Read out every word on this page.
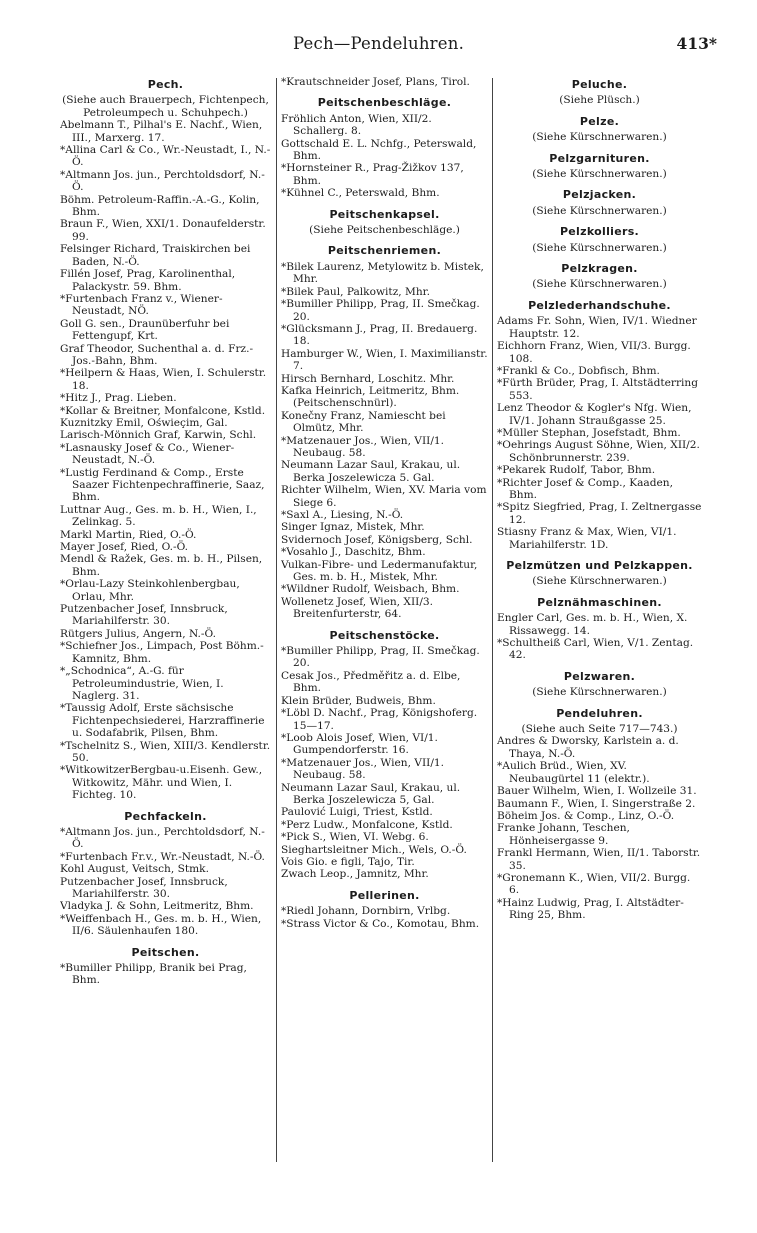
Pech—Pendeluhren.	413*
Pech.
(Siehe auch Brauerpech, Fichtenpech, Petroleumpech u. Schuhpech.)
Abelmann T., Pilhal's E. Nachf., Wien, III., Marxerg. 17.
*Allina Carl & Co., Wr.-Neustadt, I., N.-Ö.
*Altmann Jos. jun., Perchtoldsdorf, N.-Ö.
Böhm. Petroleum-Raffin.-A.-G., Kolin, Bhm.
Braun F., Wien, XXI/1. Donaufelderstr. 99.
Felsinger Richard, Traiskirchen bei Baden, N.-Ö.
Fillén Josef, Prag, Karolinenthal, Palackystr. 59. Bhm.
*Furtenbach Franz v., Wiener-Neustadt, NÖ.
Goll G. sen., Draunüberfuhr bei Fettengupf, Krt.
Graf Theodor, Suchenthal a. d. Frz.-Jos.-Bahn, Bhm.
*Heilpern & Haas, Wien, I. Schulerstr. 18.
*Hitz J., Prag. Lieben.
*Kollar & Breitner, Monfalcone, Kstld.
Kuznitzky Emil, Oświeçim, Gal.
Larisch-Mönnich Graf, Karwin, Schl.
*Lasnausky Josef & Co., Wiener-Neustadt, N.-Ö.
*Lustig Ferdinand & Comp., Erste Saazer Fichtenpechraffinerie, Saaz, Bhm.
Luttnar Aug., Ges. m. b. H., Wien, I., Zelinkag. 5.
Markl Martin, Ried, O.-Ö.
Mayer Josef, Ried, O.-Ö.
Mendl & Ražek, Ges. m. b. H., Pilsen, Bhm.
*Orlau-Lazy Steinkohlenbergbau, Orlau, Mhr.
Putzenbacher Josef, Innsbruck, Mariahilferstr. 30.
Rütgers Julius, Angern, N.-Ö.
*Schiefner Jos., Limpach, Post Böhm.-Kamnitz, Bhm.
*„Schodnica“, A.-G. für Petroleumindustrie, Wien, I. Naglerg. 31.
*Taussig Adolf, Erste sächsische Fichtenpechsiederei, Harzraffinerie u. Sodafabrik, Pilsen, Bhm.
*Tschelnitz S., Wien, XIII/3. Kendlerstr. 50.
*WitkowitzerBergbau-u.Eisenh. Gew., Witkowitz, Mähr. und Wien, I. Fichteg. 10.
Pechfackeln.
*Altmann Jos. jun., Perchtoldsdorf, N.-Ö.
*Furtenbach Fr.v., Wr.-Neustadt, N.-Ö.
Kohl August, Veitsch, Stmk.
Putzenbacher Josef, Innsbruck, Mariahilferstr. 30.
Vladyka J. & Sohn, Leitmeritz, Bhm.
*Weiffenbach H., Ges. m. b. H., Wien, II/6. Säulenhaufen 180.
Peitschen.
*Bumiller Philipp, Branik bei Prag, Bhm.
*Krautschneider Josef, Plans, Tirol.
Peitschenbeschläge.
Fröhlich Anton, Wien, XII/2. Schallerg. 8.
Gottschald E. L. Nchfg., Peterswald, Bhm.
*Hornsteiner R., Prag-Žižkov 137, Bhm.
*Kühnel C., Peterswald, Bhm.
Peitschenkapsel.
(Siehe Peitschenbeschläge.)
Peitschenriemen.
*Bilek Laurenz, Metylowitz b. Mistek, Mhr.
*Bilek Paul, Palkowitz, Mhr.
*Bumiller Philipp, Prag, II. Smečkag. 20.
*Glücksmann J., Prag, II. Bredauerg. 18.
Hamburger W., Wien, I. Maximilianstr. 7.
Hirsch Bernhard, Loschitz. Mhr.
Kafka Heinrich, Leitmeritz, Bhm. (Peitschenschnürl).
Konečny Franz, Namiescht bei Olmütz, Mhr.
*Matzenauer Jos., Wien, VII/1. Neubaug. 58.
Neumann Lazar Saul, Krakau, ul. Berka Joszelewicza 5. Gal.
Richter Wilhelm, Wien, XV. Maria vom Siege 6.
*Saxl A., Liesing, N.-Ö.
Singer Ignaz, Mistek, Mhr.
Svidernoch Josef, Königsberg, Schl.
*Vosahlo J., Daschitz, Bhm.
Vulkan-Fibre- und Ledermanufaktur, Ges. m. b. H., Mistek, Mhr.
*Wildner Rudolf, Weisbach, Bhm.
Wollenetz Josef, Wien, XII/3. Breitenfurterstr, 64.
Peitschenstöcke.
*Bumiller Philipp, Prag, II. Smečkag. 20.
Cesak Jos., Předměřitz a. d. Elbe, Bhm.
Klein Brüder, Budweis, Bhm.
*Löbl D. Nachf., Prag, Königshoferg. 15—17.
*Loob Alois Josef, Wien, VI/1. Gumpendorferstr. 16.
*Matzenauer Jos., Wien, VII/1. Neubaug. 58.
Neumann Lazar Saul, Krakau, ul. Berka Joszelewicza 5, Gal.
Paulović Luigi, Triest, Kstld.
*Perz Ludw., Monfalcone, Kstld.
*Pick S., Wien, VI. Webg. 6.
Sieghartsleitner Mich., Wels, O.-Ö.
Vois Gio. e figli, Tajo, Tir.
Zwach Leop., Jamnitz, Mhr.
Pellerinen.
*Riedl Johann, Dornbirn, Vrlbg.
*Strass Victor & Co., Komotau, Bhm.
Peluche.
(Siehe Plüsch.)
Pelze.
(Siehe Kürschnerwaren.)
Pelzgarnituren.
(Siehe Kürschnerwaren.)
Pelzjacken.
(Siehe Kürschnerwaren.)
Pelzkolliers.
(Siehe Kürschnerwaren.)
Pelzkragen.
(Siehe Kürschnerwaren.)
Pelzlederhandschuhe.
Adams Fr. Sohn, Wien, IV/1. Wiedner Hauptstr. 12.
Eichhorn Franz, Wien, VII/3. Burgg. 108.
*Frankl & Co., Dobfisch, Bhm.
*Fürth Brüder, Prag, I. Altstädterring 553.
Lenz Theodor & Kogler's Nfg. Wien, IV/1. Johann Straußgasse 25.
*Müller Stephan, Josefstadt, Bhm.
*Oehrings August Söhne, Wien, XII/2. Schönbrunnerstr. 239.
*Pekarek Rudolf, Tabor, Bhm.
*Richter Josef & Comp., Kaaden, Bhm.
*Spitz Siegfried, Prag, I. Zeltnergasse 12.
Stiasny Franz & Max, Wien, VI/1. Mariahilferstr. 1D.
Pelzmützen und Pelzkappen.
(Siehe Kürschnerwaren.)
Pelznähmaschinen.
Engler Carl, Ges. m. b. H., Wien, X. Rissawegg. 14.
*Schultheiß Carl, Wien, V/1. Zentag. 42.
Pelzwaren.
(Siehe Kürschnerwaren.)
Pendeluhren.
(Siehe auch Seite 717—743.)
Andres & Dworsky, Karlstein a. d. Thaya, N.-Ö.
*Aulich Brüd., Wien, XV. Neubaugürtel 11 (elektr.).
Bauer Wilhelm, Wien, I. Wollzeile 31.
Baumann F., Wien, I. Singerstraße 2.
Böheim Jos. & Comp., Linz, O.-Ö.
Franke Johann, Teschen, Hönheisergasse 9.
Frankl Hermann, Wien, II/1. Taborstr. 35.
*Gronemann K., Wien, VII/2. Burgg. 6.
*Hainz Ludwig, Prag, I. Altstädter-Ring 25, Bhm.
